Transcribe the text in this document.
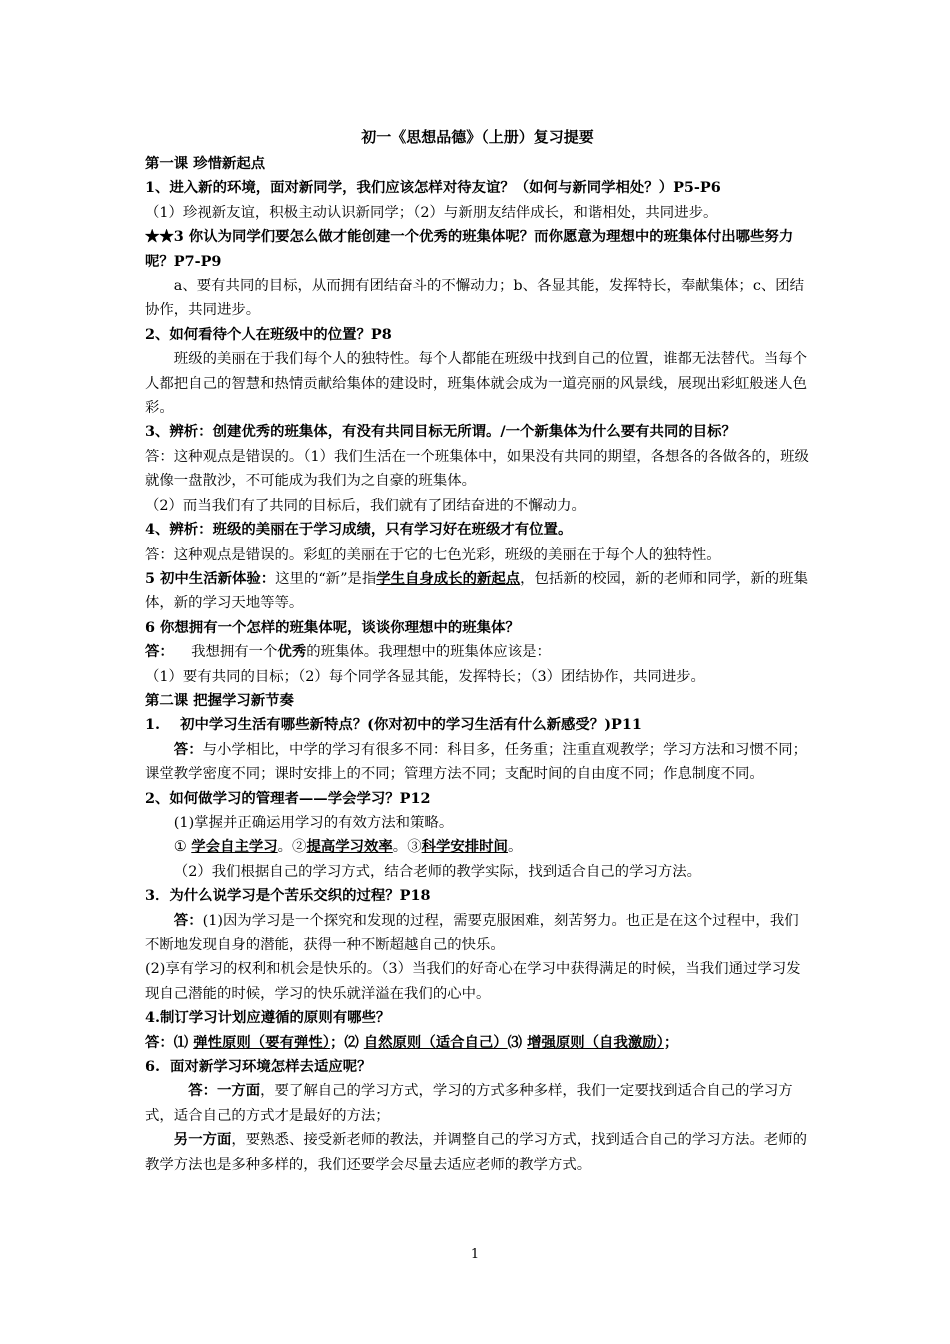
初一《思想品德》（上册）复习提要

第一课 珍惜新起点

1、进入新的环境，面对新同学，我们应该怎样对待友谊？（如何与新同学相处？）P5-P6

（1）珍视新友谊，积极主动认识新同学；（2）与新朋友结伴成长，和谐相处，共同进步。

★★3 你认为同学们要怎么做才能创建一个优秀的班集体呢？而你愿意为理想中的班集体付出哪些努力呢？P7-P9

a、要有共同的目标，从而拥有团结奋斗的不懈动力；b、各显其能，发挥特长，奉献集体；c、团结协作，共同进步。

2、如何看待个人在班级中的位置？P8

班级的美丽在于我们每个人的独特性。每个人都能在班级中找到自己的位置，谁都无法替代。当每个人都把自己的智慧和热情贡献给集体的建设时，班集体就会成为一道亮丽的风景线，展现出彩虹般迷人色彩。

3、辨析：创建优秀的班集体，有没有共同目标无所谓。/一个新集体为什么要有共同的目标？

答：这种观点是错误的。（1）我们生活在一个班集体中，如果没有共同的期望，各想各的各做各的，班级就像一盘散沙，不可能成为我们为之自豪的班集体。

（2）而当我们有了共同的目标后，我们就有了团结奋进的不懈动力。

4、辨析：班级的美丽在于学习成绩，只有学习好在班级才有位置。

答：这种观点是错误的。彩虹的美丽在于它的七色光彩，班级的美丽在于每个人的独特性。

5 初中生活新体验：这里的“新”是指学生自身成长的新起点，包括新的校园，新的老师和同学，新的班集体，新的学习天地等等。

6 你想拥有一个怎样的班集体呢，谈谈你理想中的班集体？

答： 我想拥有一个优秀的班集体。我理想中的班集体应该是：

（1）要有共同的目标；（2）每个同学各显其能，发挥特长；（3）团结协作，共同进步。

第二课 把握学习新节奏

1.    初中学习生活有哪些新特点？(你对初中的学习生活有什么新感受？)P11

答：与小学相比，中学的学习有很多不同：科目多，任务重；注重直观教学；学习方法和习惯不同；课堂教学密度不同；课时安排上的不同；管理方法不同；支配时间的自由度不同；作息制度不同。

2、如何做学习的管理者——学会学习？P12

(1)掌握并正确运用学习的有效方法和策略。

① 学会自主学习。②提高学习效率。③科学安排时间。

（2）我们根据自己的学习方式，结合老师的教学实际，找到适合自己的学习方法。

3．为什么说学习是个苦乐交织的过程？P18

答：(1)因为学习是一个探究和发现的过程，需要克服困难，刻苦努力。也正是在这个过程中，我们不断地发现自身的潜能，获得一种不断超越自己的快乐。

(2)享有学习的权利和机会是快乐的。（3）当我们的好奇心在学习中获得满足的时候，当我们通过学习发现自己潜能的时候，学习的快乐就洋溢在我们的心中。

4.制订学习计划应遵循的原则有哪些？

答：⑴ 弹性原则（要有弹性）；⑵ 自然原则（适合自己）⑶ 增强原则（自我激励）；

6.  面对新学习环境怎样去适应呢？

答：一方面，要了解自己的学习方式，学习的方式多种多样，我们一定要找到适合自己的学习方式，适合自己的方式才是最好的方法；

另一方面，要熟悉、接受新老师的教法，并调整自己的学习方式，找到适合自己的学习方法。老师的教学方法也是多种多样的，我们还要学会尽量去适应老师的教学方式。

1
